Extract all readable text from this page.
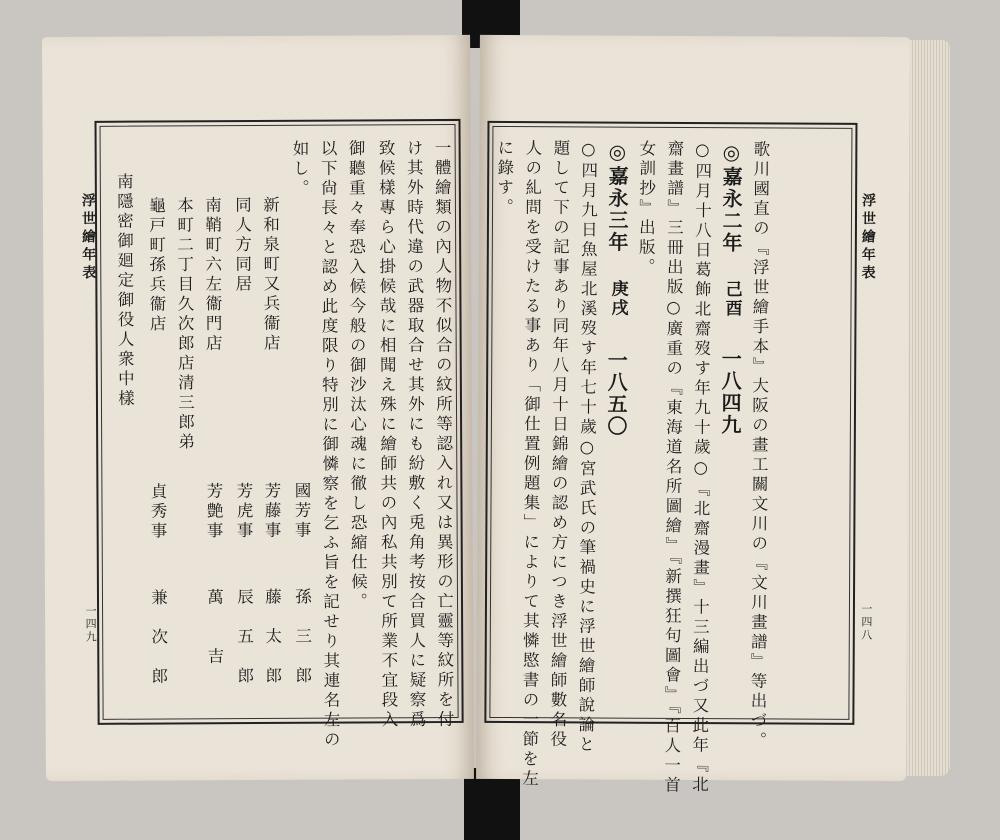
浮世繪年表
一四九
南隱密御廻定御役人衆中樣 龜戸町孫兵衞店 本町二丁目久次郎店清三郎弟 南鞘町六左衞門店 同人方同居 新和泉町又兵衞店
如し。 以下尙長々と認め此度限り特別に御憐察を乞ふ旨を記せり其連名左の 御聽重々奉恐入候今般の御沙汰心魂に徹し恐縮仕候。 致候樣專ら心掛候哉に相聞え殊に繪師共の內私共別て所業不宜段入 け其外時代違の武器取合せ其外にも紛敷く兎角考按合買人に疑察爲 一體繪類の內人物不似合の紋所等認入れ又は異形の亡靈等紋所を付
貞秀事
兼　次　郎
芳艶事
萬　　吉
芳虎事
辰　五　郎
芳藤事
藤　太　郎
國芳事
孫　三　郎
浮世繪年表
一四八
に錄す。 人の糺問を受けたる事あり「御仕置例題集」によりて其憐愍書の一節を左 題して下の記事あり同年八月十日錦繪の認め方につき浮世繪師數名役 ○四月九日魚屋北溪歿す年七十歲○宮武氏の筆禍史に浮世繪師說論と ◎嘉永三年
庚戌
一八五〇
女訓抄』出版。 齋畫譜』三冊出版○廣重の『東海道名所圖繪』『新撰狂句圖會』『百人一首 ○四月十八日葛飾北齋歿す年九十歲○『北齋漫畫』十三編出づ又此年『北 ◎嘉永二年
己酉
一八四九 歌川國直の『浮世繪手本』大阪の畫工關文川の『文川畫譜』等出づ。
